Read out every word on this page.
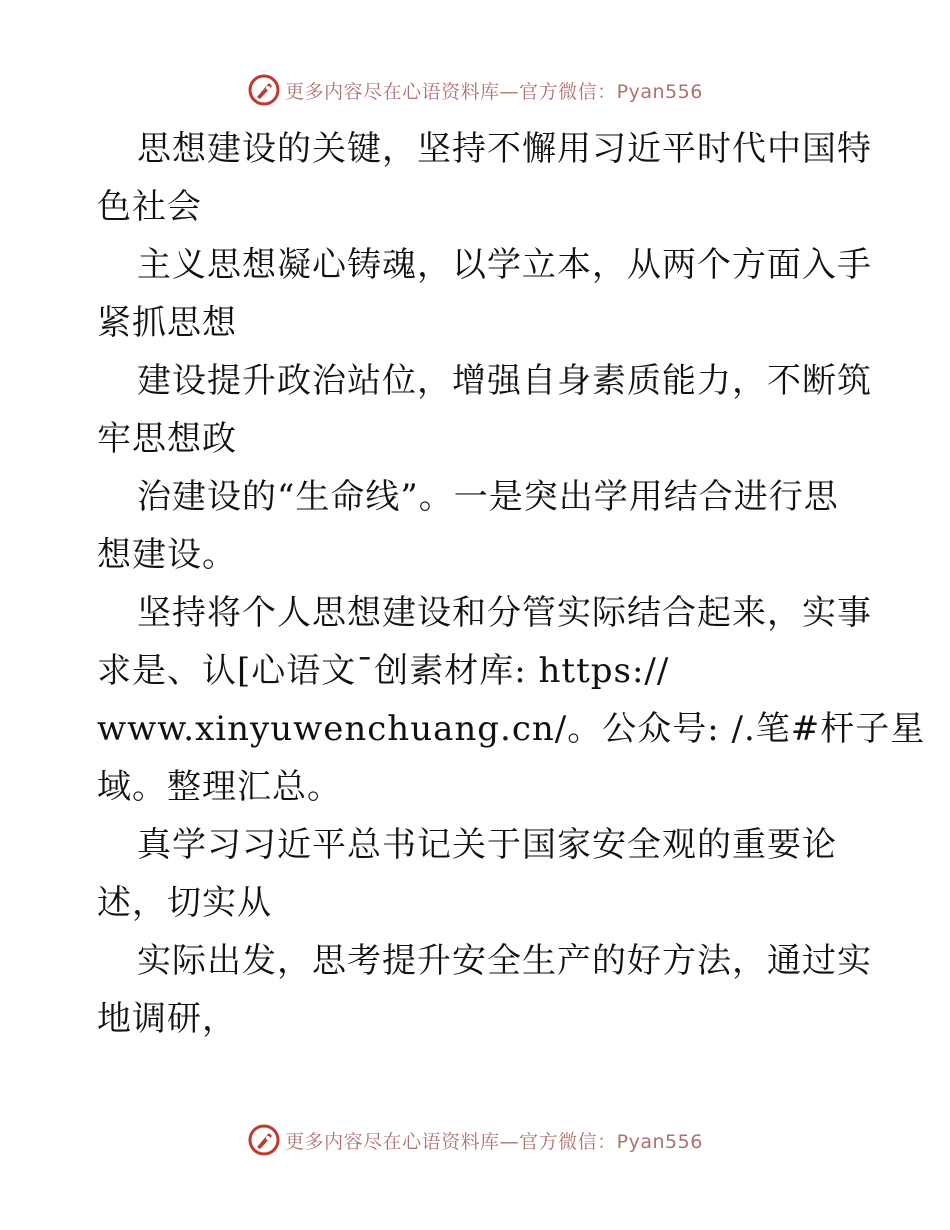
更多内容尽在心语资料库—官方微信：Pyan556
思想建设的关键，坚持不懈用习近平时代中国特
色社会
主义思想凝心铸魂，以学立本，从两个方面入手
紧抓思想
建设提升政治站位，增强自身素质能力，不断筑
牢思想政
治建设的“生命线”。一是突出学用结合进行思
想建设。
坚持将个人思想建设和分管实际结合起来，实事
求是、认[心语文¯创素材库: https://
www.xinyuwenchuang.cn/。公众号: /.笔#杆子星
域。整理汇总。
真学习习近平总书记关于国家安全观的重要论
述，切实从
实际出发，思考提升安全生产的好方法，通过实
地调研，
更多内容尽在心语资料库—官方微信：Pyan556
